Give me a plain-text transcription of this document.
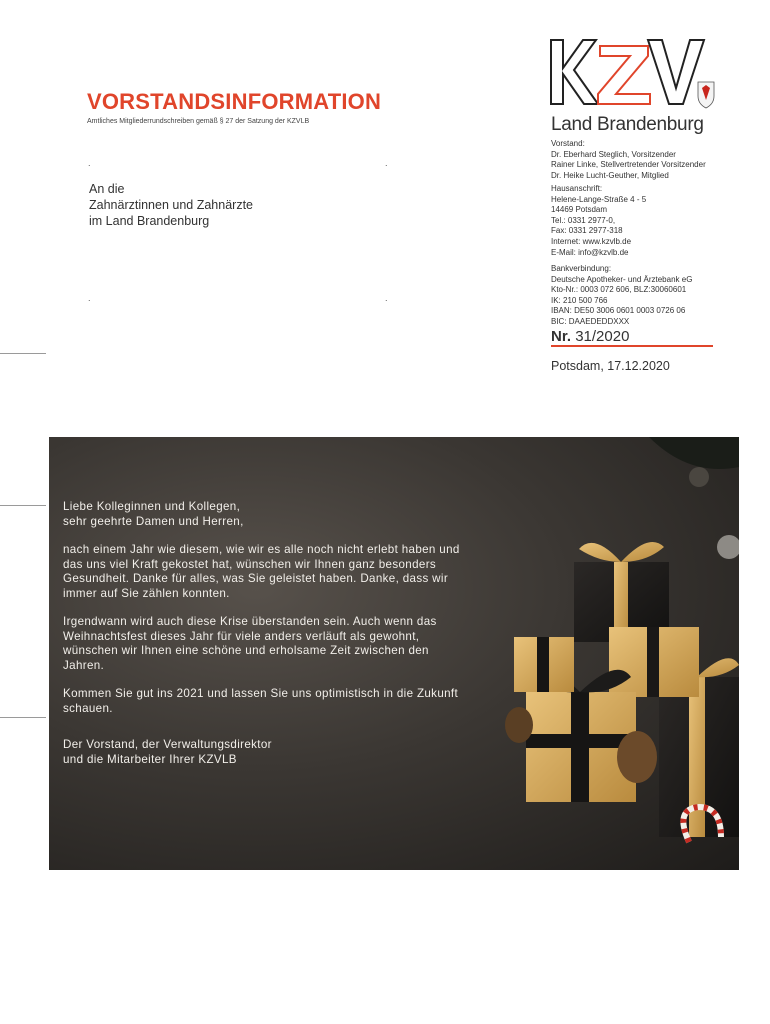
VORSTANDSINFORMATION
Amtliches Mitgliederrundschreiben gemäß § 27 der Satzung der KZVLB
.	.
.	.
An die
Zahnärztinnen und Zahnärzte
im Land Brandenburg
Land Brandenburg
Vorstand:
Dr. Eberhard Steglich, Vorsitzender
Rainer Linke, Stellvertretender Vorsitzender
Dr. Heike Lucht-Geuther, Mitglied
Hausanschrift:
Helene-Lange-Straße 4 - 5
14469 Potsdam
Tel.: 0331 2977-0,
Fax: 0331 2977-318
Internet: www.kzvlb.de
E-Mail: info@kzvlb.de
Bankverbindung:
Deutsche Apotheker- und Ärztebank eG
Kto-Nr.: 0003 072 606, BLZ:30060601
IK: 210 500 766
IBAN: DE50 3006 0601 0003 0726 06
BIC: DAAEDEDDXXX
Nr. 31/2020
Potsdam, 17.12.2020

Liebe Kolleginnen und Kollegen,
sehr geehrte Damen und Herren,

nach einem Jahr wie diesem, wie wir es alle noch nicht erlebt haben und das uns viel Kraft gekostet hat, wünschen wir Ihnen ganz besonders Gesundheit. Danke für alles, was Sie geleistet haben. Danke, dass wir immer auf Sie zählen konnten.

Irgendwann wird auch diese Krise überstanden sein. Auch wenn das Weihnachtsfest dieses Jahr für viele anders verläuft als gewohnt, wünschen wir Ihnen eine schöne und erholsame Zeit zwischen den Jahren.

Kommen Sie gut ins 2021 und lassen Sie uns optimistisch in die Zukunft schauen.

Der Vorstand, der Verwaltungsdirektor
und die Mitarbeiter Ihrer KZVLB
